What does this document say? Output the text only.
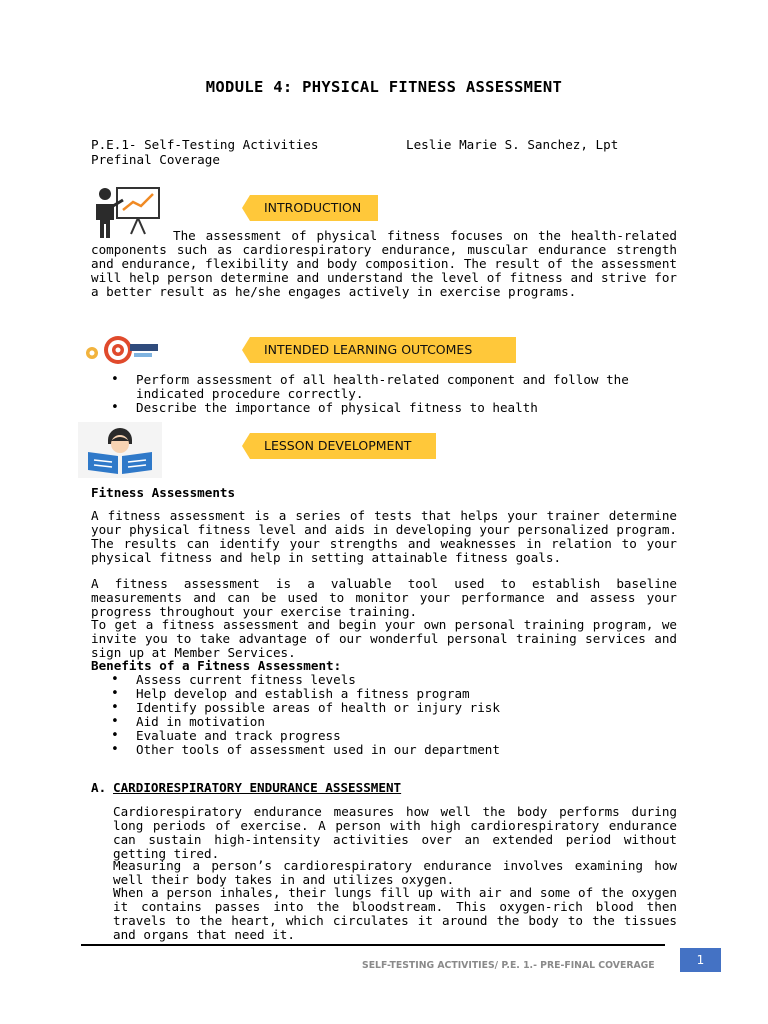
MODULE 4: PHYSICAL FITNESS ASSESSMENT
P.E.1- Self-Testing Activities	Leslie Marie S. Sanchez, Lpt
Prefinal Coverage
INTRODUCTION
The assessment of physical fitness focuses on the health-related components such as cardiorespiratory endurance, muscular endurance strength and endurance, flexibility and body composition. The result of the assessment will help person determine and understand the level of fitness and strive for a better result as he/she engages actively in exercise programs.
INTENDED LEARNING OUTCOMES
• Perform assessment of all health-related component and follow the indicated procedure correctly.
• Describe the importance of physical fitness to health
LESSON DEVELOPMENT
Fitness Assessments
A fitness assessment is a series of tests that helps your trainer determine your physical fitness level and aids in developing your personalized program. The results can identify your strengths and weaknesses in relation to your physical fitness and help in setting attainable fitness goals.
A fitness assessment is a valuable tool used to establish baseline measurements and can be used to monitor your performance and assess your progress throughout your exercise training.
To get a fitness assessment and begin your own personal training program, we invite you to take advantage of our wonderful personal training services and sign up at Member Services.
Benefits of a Fitness Assessment:
• Assess current fitness levels
• Help develop and establish a fitness program
• Identify possible areas of health or injury risk
• Aid in motivation
• Evaluate and track progress
• Other tools of assessment used in our department
A. CARDIORESPIRATORY ENDURANCE ASSESSMENT
Cardiorespiratory endurance measures how well the body performs during long periods of exercise. A person with high cardiorespiratory endurance can sustain high-intensity activities over an extended period without getting tired.
Measuring a person’s cardiorespiratory endurance involves examining how well their body takes in and utilizes oxygen.
When a person inhales, their lungs fill up with air and some of the oxygen it contains passes into the bloodstream. This oxygen-rich blood then travels to the heart, which circulates it around the body to the tissues and organs that need it.
SELF-TESTING ACTIVITIES/ P.E. 1.- PRE-FINAL COVERAGE	1
